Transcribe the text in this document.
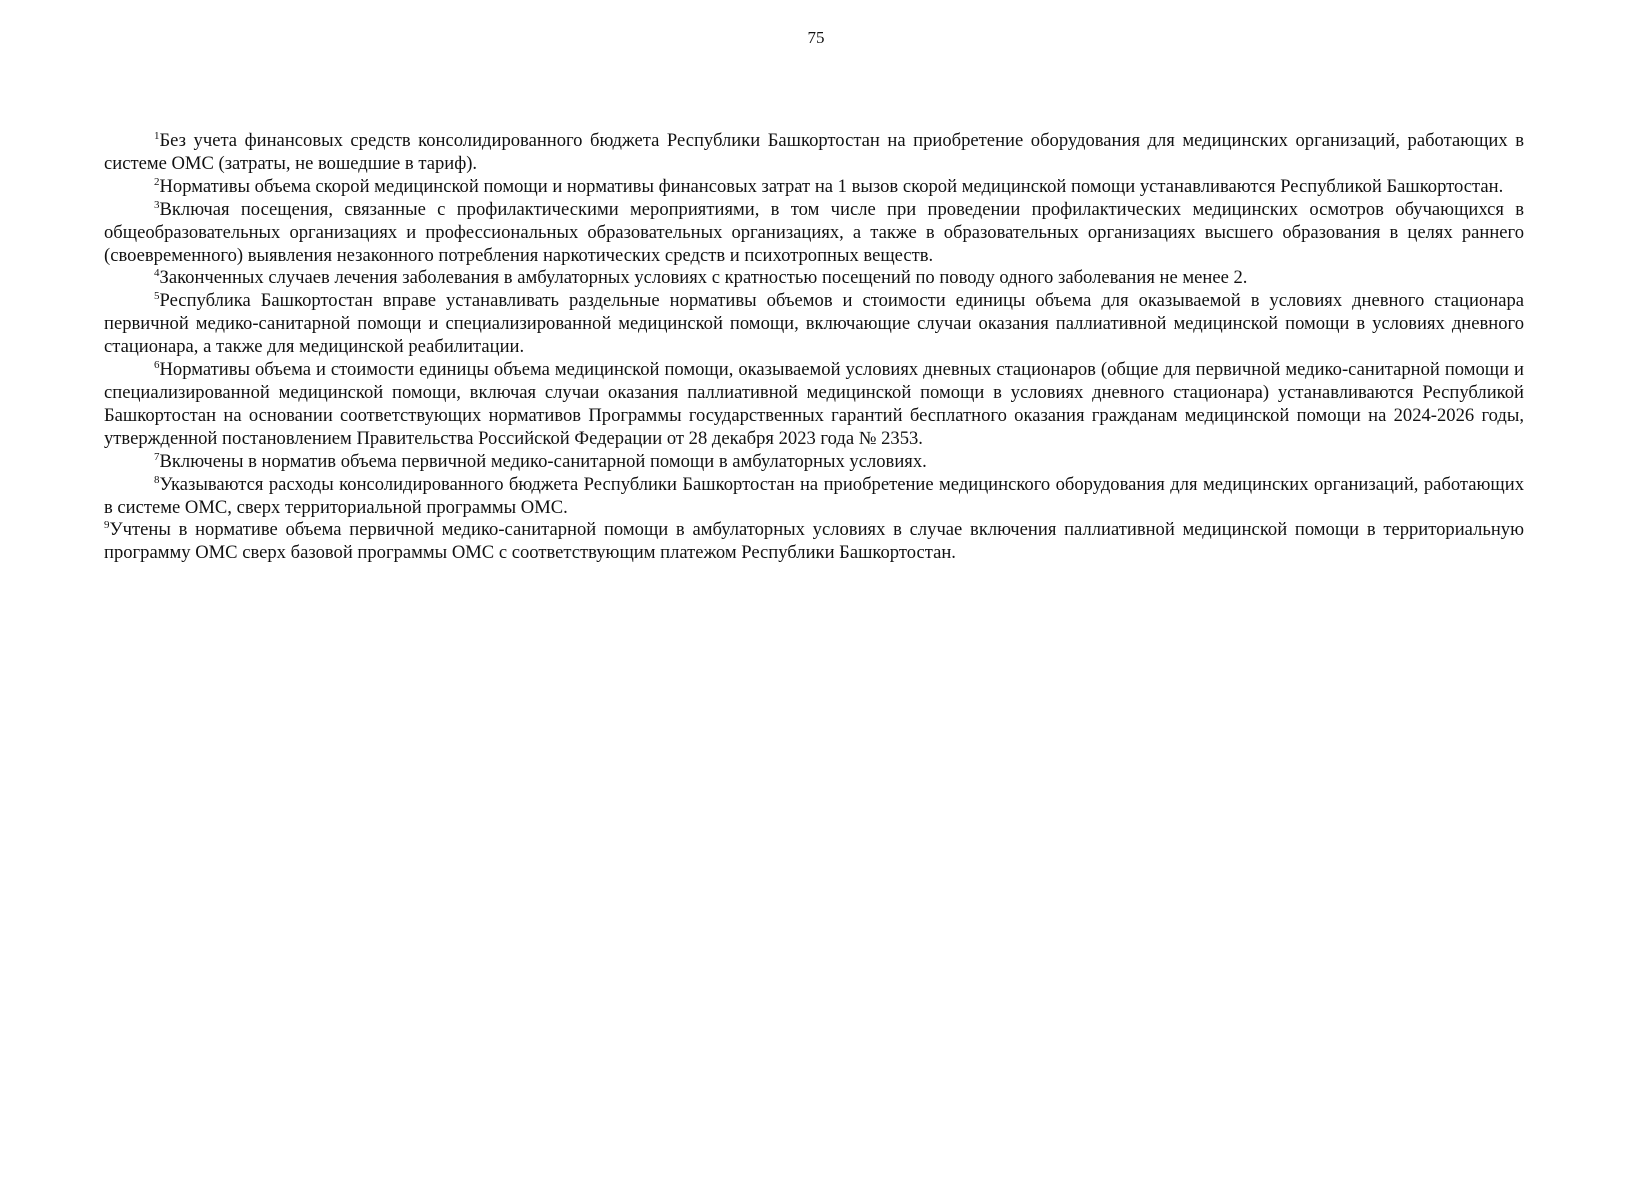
75

$^1$Без учета финансовых средств консолидированного бюджета Республики Башкортостан на приобретение оборудования для медицинских организаций, работающих в системе ОМС (затраты, не вошедшие в тариф).

$^2$Нормативы объема скорой медицинской помощи и нормативы финансовых затрат на 1 вызов скорой медицинской помощи устанавливаются Республикой Башкортостан.

$^3$Включая посещения, связанные с профилактическими мероприятиями, в том числе при проведении профилактических медицинских осмотров обучающихся в общеобразовательных организациях и профессиональных образовательных организациях, а также в образовательных организациях высшего образования в целях раннего (своевременного) выявления незаконного потребления наркотических средств и психотропных веществ.

$^4$Законченных случаев лечения заболевания в амбулаторных условиях с кратностью посещений по поводу одного заболевания не менее 2.

$^5$Республика Башкортостан вправе устанавливать раздельные нормативы объемов и стоимости единицы объема для оказываемой в условиях дневного стационара первичной медико-санитарной помощи и специализированной медицинской помощи, включающие случаи оказания паллиативной медицинской помощи в условиях дневного стационара, а также для медицинской реабилитации.

$^6$Нормативы объема и стоимости единицы объема медицинской помощи, оказываемой условиях дневных стационаров (общие для первичной медико-санитарной помощи и специализированной медицинской помощи, включая случаи оказания паллиативной медицинской помощи в условиях дневного стационара) устанавливаются Республикой Башкортостан на основании соответствующих нормативов Программы государственных гарантий бесплатного оказания гражданам медицинской помощи на 2024-2026 годы, утвержденной постановлением Правительства Российской Федерации от 28 декабря 2023 года № 2353.

$^7$Включены в норматив объема первичной медико-санитарной помощи в амбулаторных условиях.

$^8$Указываются расходы консолидированного бюджета Республики Башкортостан на приобретение медицинского оборудования для медицинских организаций, работающих в системе ОМС, сверх территориальной программы ОМС.

$^9$Учтены в нормативе объема первичной медико-санитарной помощи в амбулаторных условиях в случае включения паллиативной медицинской помощи в территориальную программу ОМС сверх базовой программы ОМС с соответствующим платежом Республики Башкортостан.
